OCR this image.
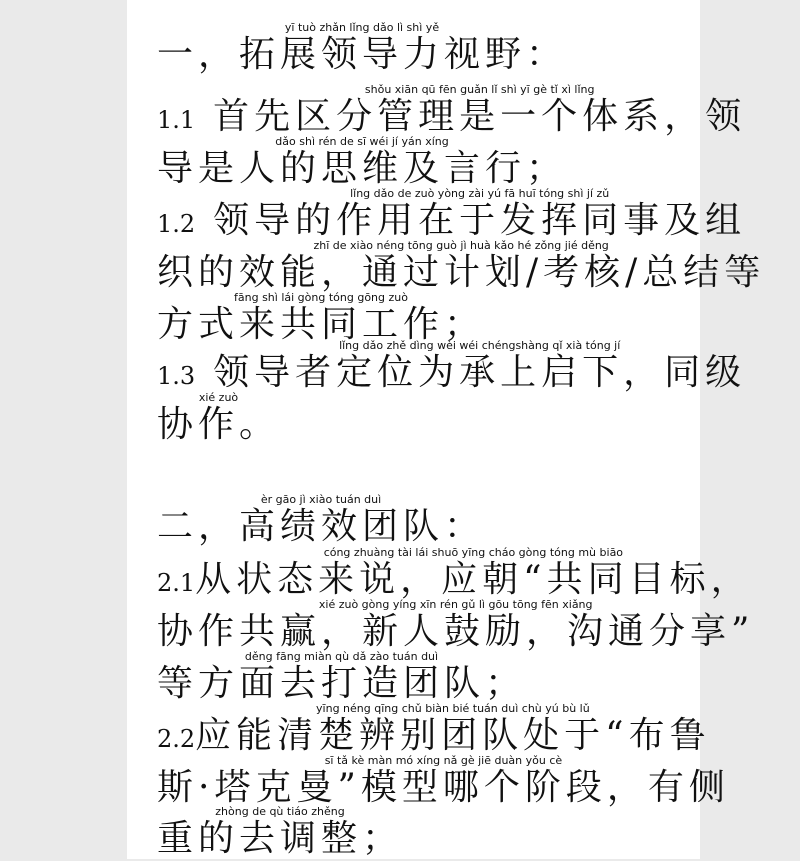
一，拓展领导力视野：yī tuò zhǎn lǐng dǎo lì shì yě
1.1 首先区分管理是一个体系，领shǒu xiān qū fēn guǎn lǐ shì yī gè tǐ xì lǐng
导是人的思维及言行；dǎo shì rén de sī wéi jí yán xíng
1.2 领导的作用在于发挥同事及组lǐng dǎo de zuò yòng zài yú fā huī tóng shì jí zǔ
织的效能，通过计划/考核/总结等zhī de xiào néng tōng guò jì huà kǎo hé zǒng jié děng
方式来共同工作；fāng shì lái gòng tóng gōng zuò
1.3 领导者定位为承上启下，同级lǐng dǎo zhě dìng wèi wéi chéngshàng qǐ xià tóng jí
协作。xié zuò
二，高绩效团队：èr gāo jì xiào tuán duì
2.1从状态来说，应朝“共同目标，cóng zhuàng tài lái shuō yīng cháo gòng tóng mù biāo
协作共赢，新人鼓励，沟通分享”xié zuò gòng yíng xīn rén gǔ lì gōu tōng fēn xiǎng
等方面去打造团队；děng fāng miàn qù dǎ zào tuán duì
2.2应能清楚辨别团队处于“布鲁yīng néng qīng chǔ biàn bié tuán duì chù yú bù lǔ
斯·塔克曼”模型哪个阶段，有侧sī tǎ kè màn mó xíng nǎ gè jiē duàn yǒu cè
重的去调整；zhòng de qù tiáo zhěng
